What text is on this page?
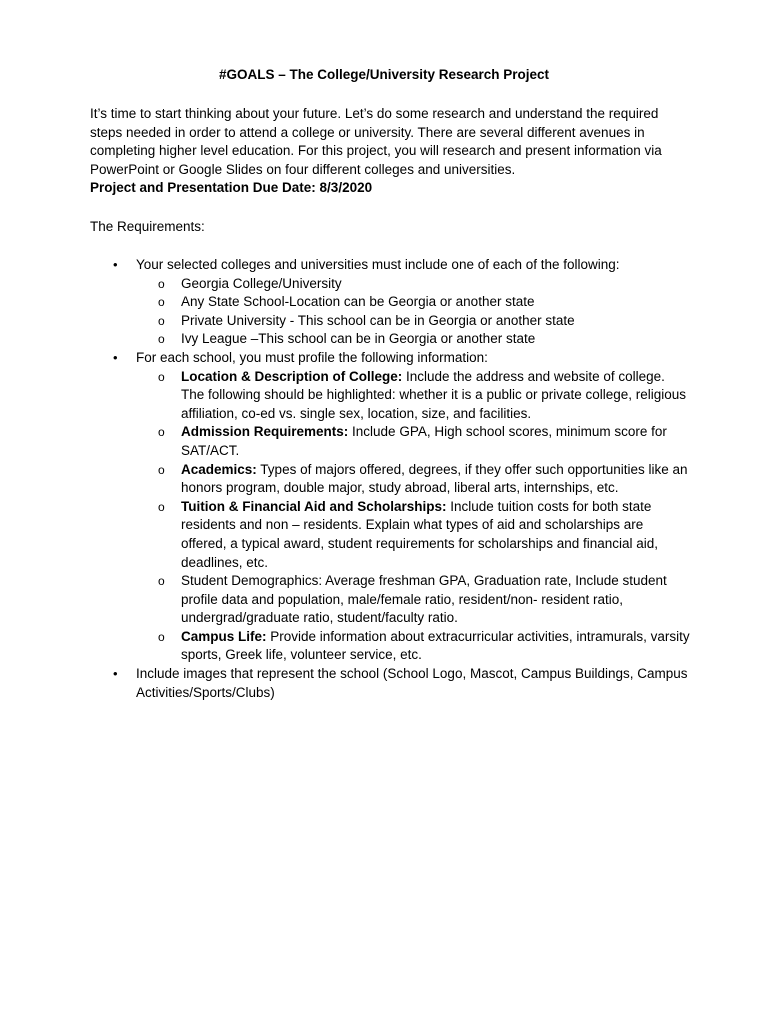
#GOALS – The College/University Research Project

It’s time to start thinking about your future. Let’s do some research and understand the required steps needed in order to attend a college or university. There are several different avenues in completing higher level education. For this project, you will research and present information via PowerPoint or Google Slides on four different colleges and universities.

Project and Presentation Due Date: 8/3/2020

The Requirements:
• Your selected colleges and universities must include one of each of the following:
o Georgia College/University
o Any State School-Location can be Georgia or another state
o Private University - This school can be in Georgia or another state
o Ivy League –This school can be in Georgia or another state
• For each school, you must profile the following information:
o Location & Description of College: Include the address and website of college. The following should be highlighted: whether it is a public or private college, religious affiliation, co-ed vs. single sex, location, size, and facilities.
o Admission Requirements: Include GPA, High school scores, minimum score for SAT/ACT.
o Academics: Types of majors offered, degrees, if they offer such opportunities like an honors program, double major, study abroad, liberal arts, internships, etc.
o Tuition & Financial Aid and Scholarships: Include tuition costs for both state residents and non – residents. Explain what types of aid and scholarships are offered, a typical award, student requirements for scholarships and financial aid, deadlines, etc.
o Student Demographics: Average freshman GPA, Graduation rate, Include student profile data and population, male/female ratio, resident/non- resident ratio, undergrad/graduate ratio, student/faculty ratio.
o Campus Life: Provide information about extracurricular activities, intramurals, varsity sports, Greek life, volunteer service, etc.
• Include images that represent the school (School Logo, Mascot, Campus Buildings, Campus Activities/Sports/Clubs)
